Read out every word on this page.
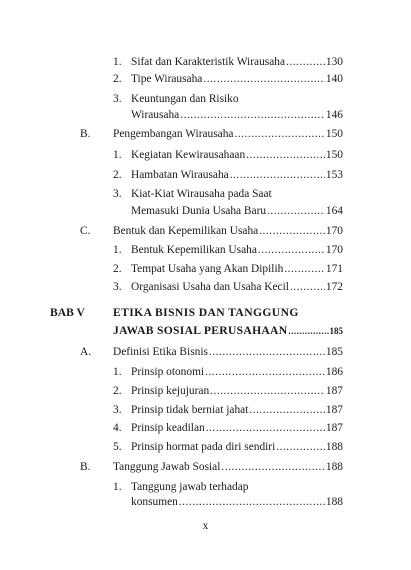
1. Sifat dan Karakteristik Wirausaha .....	130
2. Tipe Wirausaha .....	140
3. Keuntungan dan Risiko
Wirausaha .....	146
B.	Pengembangan Wirausaha .....	150
1. Kegiatan Kewirausahaan .....	150
2. Hambatan Wirausaha .....	153
3. Kiat-Kiat Wirausaha pada Saat
Memasuki Dunia Usaha Baru .....	164
C.	Bentuk dan Kepemilikan Usaha .....	170
1. Bentuk Kepemilikan Usaha .....	170
2. Tempat Usaha yang Akan Dipilih .....	171
3. Organisasi Usaha dan Usaha Kecil .....	172
BAB V ETIKA BISNIS DAN TANGGUNG
JAWAB SOSIAL PERUSAHAAN .....	185
A.	Definisi Etika Bisnis .....	185
1. Prinsip otonomi .....	186
2. Prinsip kejujuran .....	187
3. Prinsip tidak berniat jahat .....	187
4. Prinsip keadilan .....	187
5. Prinsip hormat pada diri sendiri .....	188
B.	Tanggung Jawab Sosial .....	188
1. Tanggung jawab terhadap
konsumen .....	188
x
